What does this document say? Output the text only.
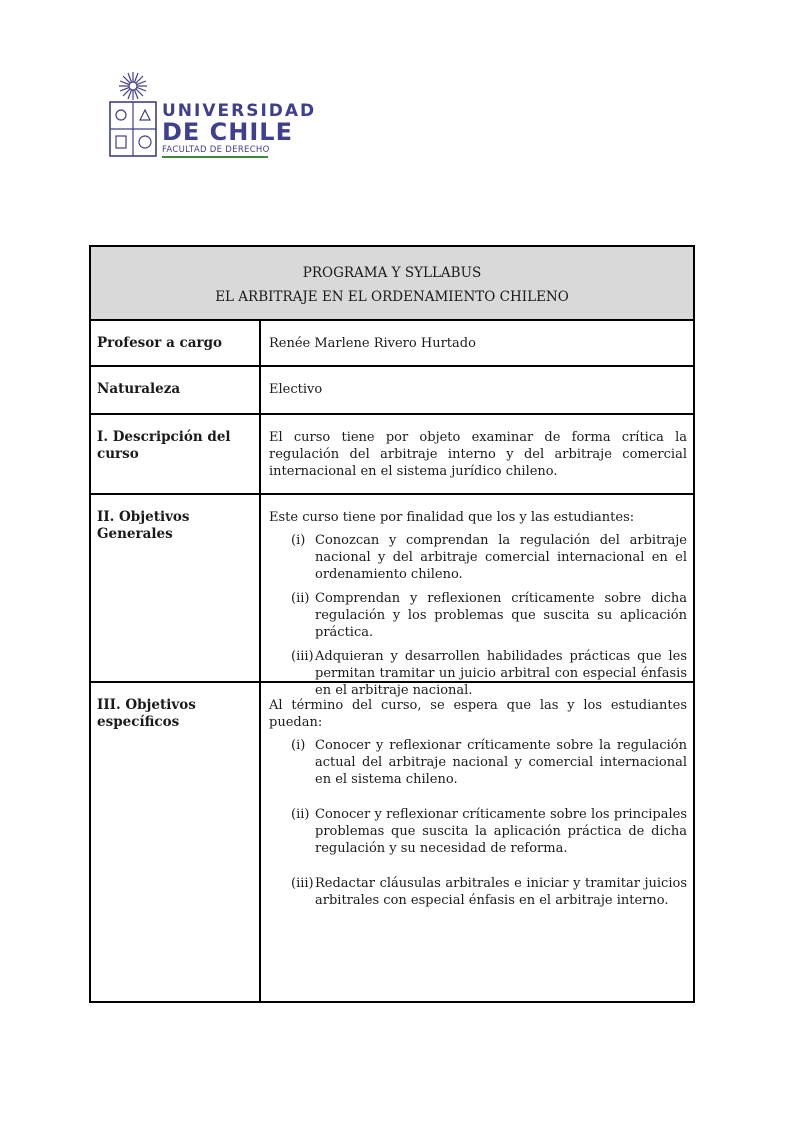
UNIVERSIDAD
DE CHILE
FACULTAD DE DERECHO
PROGRAMA Y SYLLABUS
EL ARBITRAJE EN EL ORDENAMIENTO CHILENO
Profesor a cargo	Renée Marlene Rivero Hurtado
Naturaleza	Electivo
I. Descripción del curso
El curso tiene por objeto examinar de forma crítica la regulación del arbitraje interno y del arbitraje comercial internacional en el sistema jurídico chileno.
II. Objetivos Generales
Este curso tiene por finalidad que los y las estudiantes:
(i) Conozcan y comprendan la regulación del arbitraje nacional y del arbitraje comercial internacional en el ordenamiento chileno.
(ii) Comprendan y reflexionen críticamente sobre dicha regulación y los problemas que suscita su aplicación práctica.
(iii) Adquieran y desarrollen habilidades prácticas que les permitan tramitar un juicio arbitral con especial énfasis en el arbitraje nacional.
III. Objetivos específicos
Al término del curso, se espera que las y los estudiantes puedan:
(i) Conocer y reflexionar críticamente sobre la regulación actual del arbitraje nacional y comercial internacional en el sistema chileno.
(ii) Conocer y reflexionar críticamente sobre los principales problemas que suscita la aplicación práctica de dicha regulación y su necesidad de reforma.
(iii) Redactar cláusulas arbitrales e iniciar y tramitar juicios arbitrales con especial énfasis en el arbitraje interno.
